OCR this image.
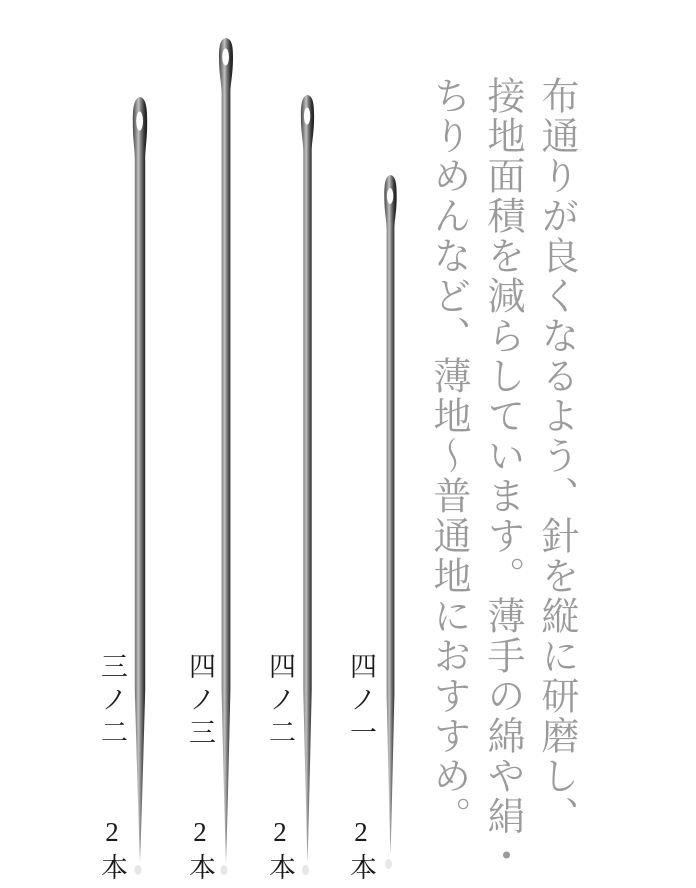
布通りが良くなるよう、針を縦に研磨し、

接地面積を減らしています。薄手の綿や絹・

ちりめんなど、薄地〜普通地におすすめ。

三ノ二 2本
四ノ三 2本
四ノ二 2本
四ノ一 2本
